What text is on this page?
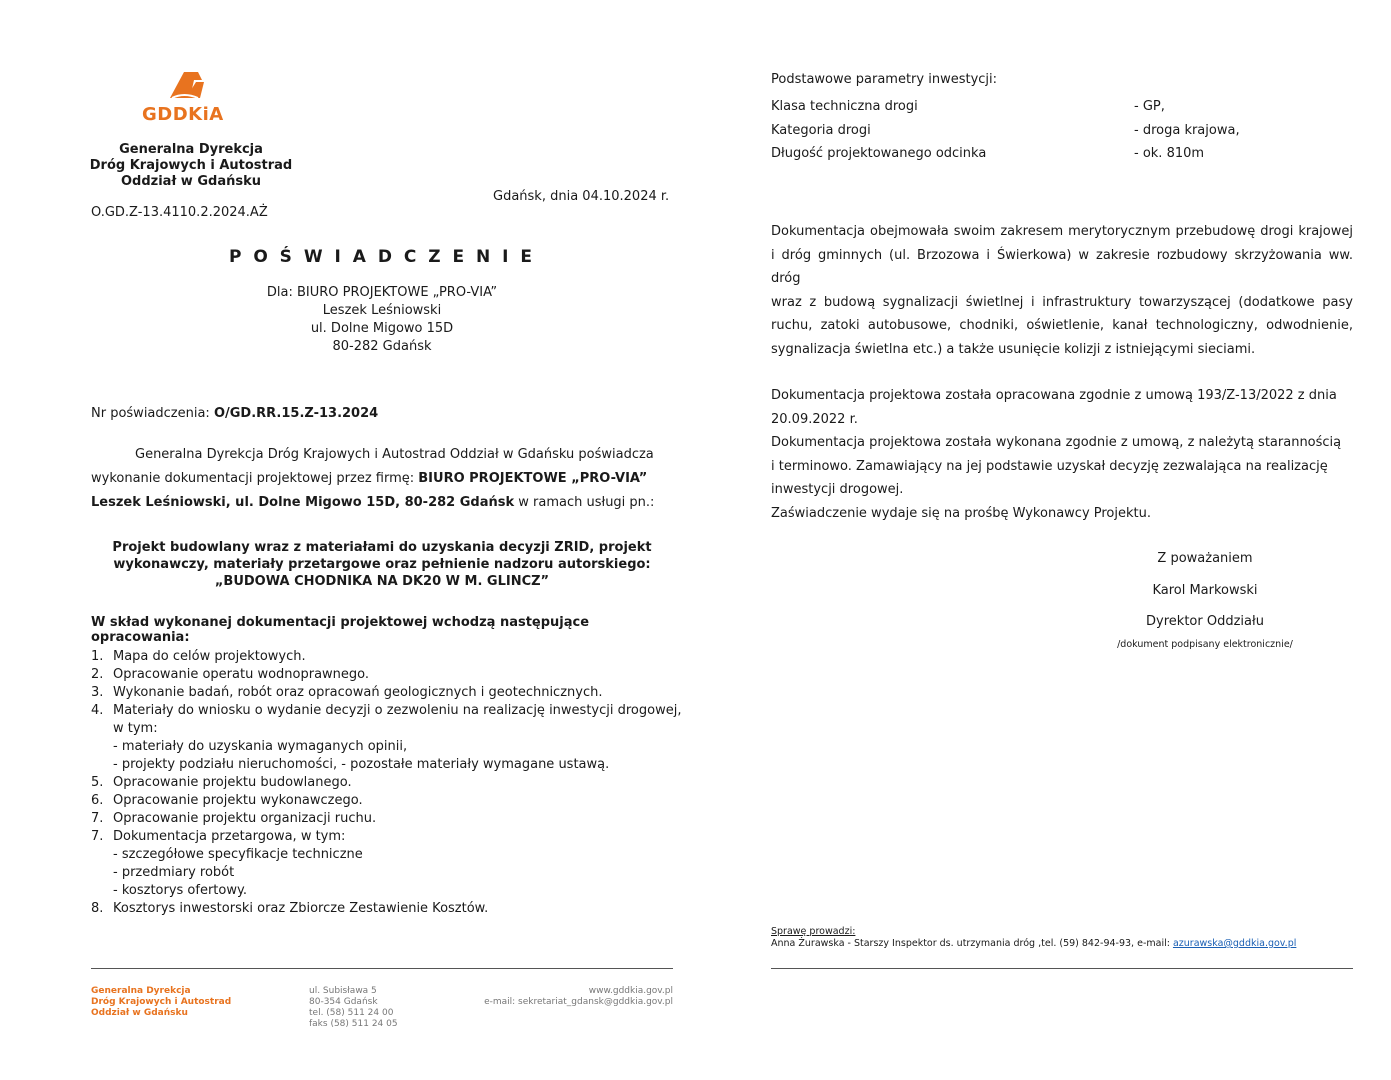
GDDKiA
Generalna Dyrekcja
Dróg Krajowych i Autostrad
Oddział w Gdańsku
Gdańsk, dnia 04.10.2024 r.
O.GD.Z-13.4110.2.2024.AŻ
P O Ś W I A D C Z E N I E
Dla: BIURO PROJEKTOWE „PRO-VIA”
Leszek Leśniowski
ul. Dolne Migowo 15D
80-282 Gdańsk
Nr poświadczenia: O/GD.RR.15.Z-13.2024
Generalna Dyrekcja Dróg Krajowych i Autostrad Oddział w Gdańsku poświadcza
wykonanie dokumentacji projektowej przez firmę: BIURO PROJEKTOWE „PRO-VIA”
Leszek Leśniowski, ul. Dolne Migowo 15D, 80-282 Gdańsk w ramach usługi pn.:
Projekt budowlany wraz z materiałami do uzyskania decyzji ZRID, projekt
wykonawczy, materiały przetargowe oraz pełnienie nadzoru autorskiego:
„BUDOWA CHODNIKA NA DK20 W M. GLINCZ”
W skład wykonanej dokumentacji projektowej wchodzą następujące
opracowania:
1. Mapa do celów projektowych.
2. Opracowanie operatu wodnoprawnego.
3. Wykonanie badań, robót oraz opracowań geologicznych i geotechnicznych.
4. Materiały do wniosku o wydanie decyzji o zezwoleniu na realizację inwestycji drogowej,
w tym:
- materiały do uzyskania wymaganych opinii,
- projekty podziału nieruchomości, - pozostałe materiały wymagane ustawą.
5. Opracowanie projektu budowlanego.
6. Opracowanie projektu wykonawczego.
7. Opracowanie projektu organizacji ruchu.
7. Dokumentacja przetargowa, w tym:
- szczegółowe specyfikacje techniczne
- przedmiary robót
- kosztorys ofertowy.
8. Kosztorys inwestorski oraz Zbiorcze Zestawienie Kosztów.
Generalna Dyrekcja
Dróg Krajowych i Autostrad
Oddział w Gdańsku
ul. Subisława 5
80-354 Gdańsk
tel. (58) 511 24 00
faks (58) 511 24 05
www.gddkia.gov.pl
e-mail: sekretariat_gdansk@gddkia.gov.pl
Podstawowe parametry inwestycji:
Klasa techniczna drogi	- GP,
Kategoria drogi	- droga krajowa,
Długość projektowanego odcinka	- ok. 810m
Dokumentacja obejmowała swoim zakresem merytorycznym przebudowę drogi krajowej
i dróg gminnych (ul. Brzozowa i Świerkowa) w zakresie rozbudowy skrzyżowania ww. dróg
wraz z budową sygnalizacji świetlnej i infrastruktury towarzyszącej (dodatkowe pasy
ruchu, zatoki autobusowe, chodniki, oświetlenie, kanał technologiczny, odwodnienie,
sygnalizacja świetlna etc.) a także usunięcie kolizji z istniejącymi sieciami.
Dokumentacja projektowa została opracowana zgodnie z umową 193/Z-13/2022 z dnia
20.09.2022 r.
Dokumentacja projektowa została wykonana zgodnie z umową, z należytą starannością
i terminowo. Zamawiający na jej podstawie uzyskał decyzję zezwalająca na realizację
inwestycji drogowej.
Zaświadczenie wydaje się na prośbę Wykonawcy Projektu.
Z poważaniem
Karol Markowski
Dyrektor Oddziału
/dokument podpisany elektronicznie/
Sprawę prowadzi:
Anna Żurawska - Starszy Inspektor ds. utrzymania dróg ,tel. (59) 842-94-93, e-mail: azurawska@gddkia.gov.pl
